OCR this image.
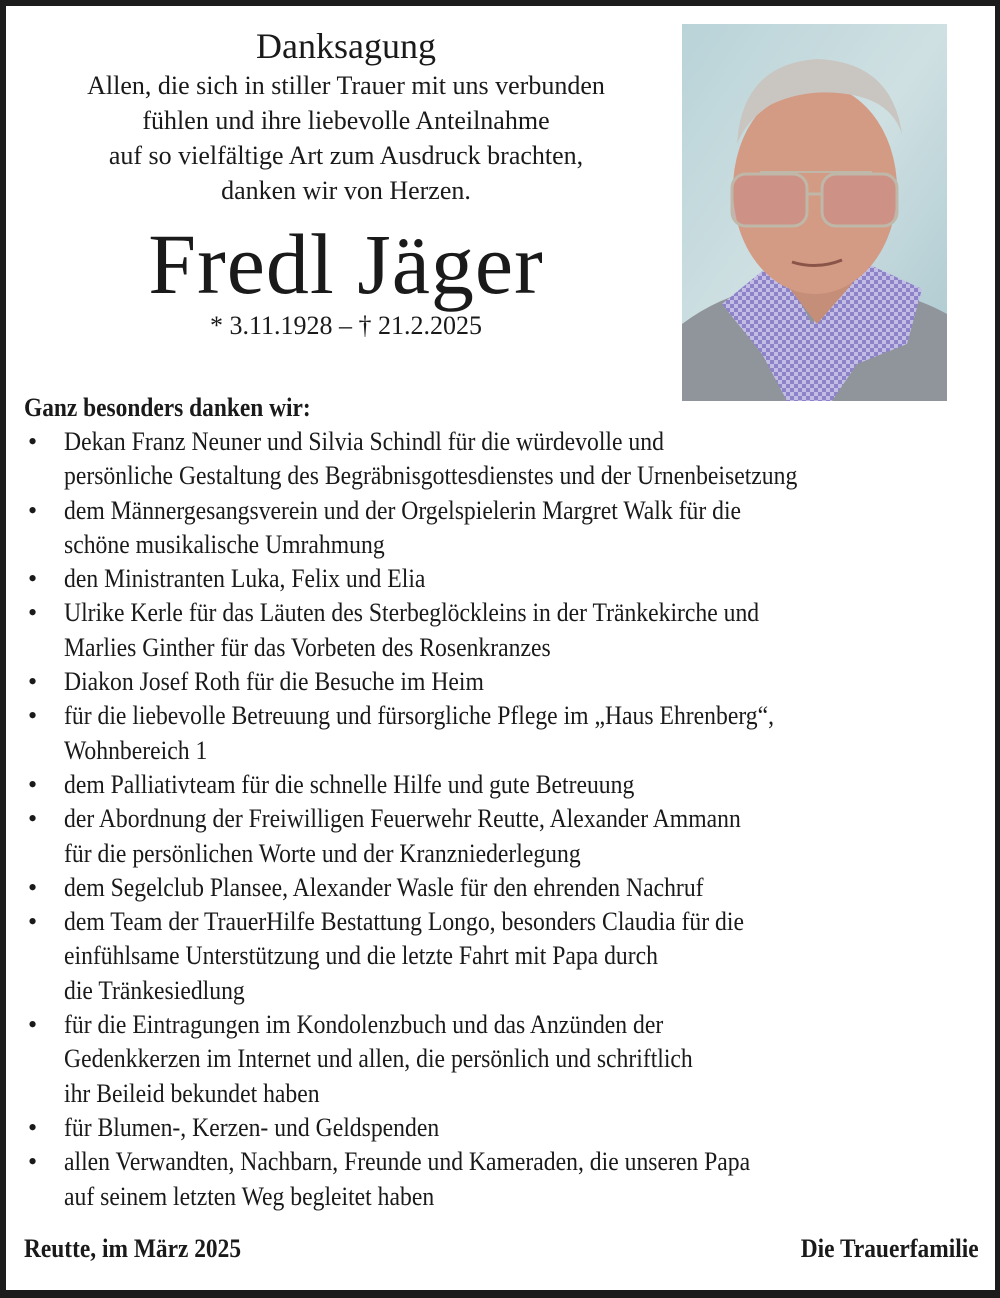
Danksagung
Allen, die sich in stiller Trauer mit uns verbunden
fühlen und ihre liebevolle Anteilnahme
auf so vielfältige Art zum Ausdruck brachten,
danken wir von Herzen.
Fredl Jäger
* 3.11.1928 – † 21.2.2025
Ganz besonders danken wir:
• Dekan Franz Neuner und Silvia Schindl für die würdevolle und
persönliche Gestaltung des Begräbnisgottesdienstes und der Urnenbeisetzung
• dem Männergesangsverein und der Orgelspielerin Margret Walk für die
schöne musikalische Umrahmung
• den Ministranten Luka, Felix und Elia
• Ulrike Kerle für das Läuten des Sterbeglöckleins in der Tränkekirche und
Marlies Ginther für das Vorbeten des Rosenkranzes
• Diakon Josef Roth für die Besuche im Heim
• für die liebevolle Betreuung und fürsorgliche Pflege im „Haus Ehrenberg“,
Wohnbereich 1
• dem Palliativteam für die schnelle Hilfe und gute Betreuung
• der Abordnung der Freiwilligen Feuerwehr Reutte, Alexander Ammann
für die persönlichen Worte und der Kranzniederlegung
• dem Segelclub Plansee, Alexander Wasle für den ehrenden Nachruf
• dem Team der TrauerHilfe Bestattung Longo, besonders Claudia für die
einfühlsame Unterstützung und die letzte Fahrt mit Papa durch
die Tränkesiedlung
• für die Eintragungen im Kondolenzbuch und das Anzünden der
Gedenkkerzen im Internet und allen, die persönlich und schriftlich
ihr Beileid bekundet haben
• für Blumen-, Kerzen- und Geldspenden
• allen Verwandten, Nachbarn, Freunde und Kameraden, die unseren Papa
auf seinem letzten Weg begleitet haben
Reutte, im März 2025	Die Trauerfamilie
